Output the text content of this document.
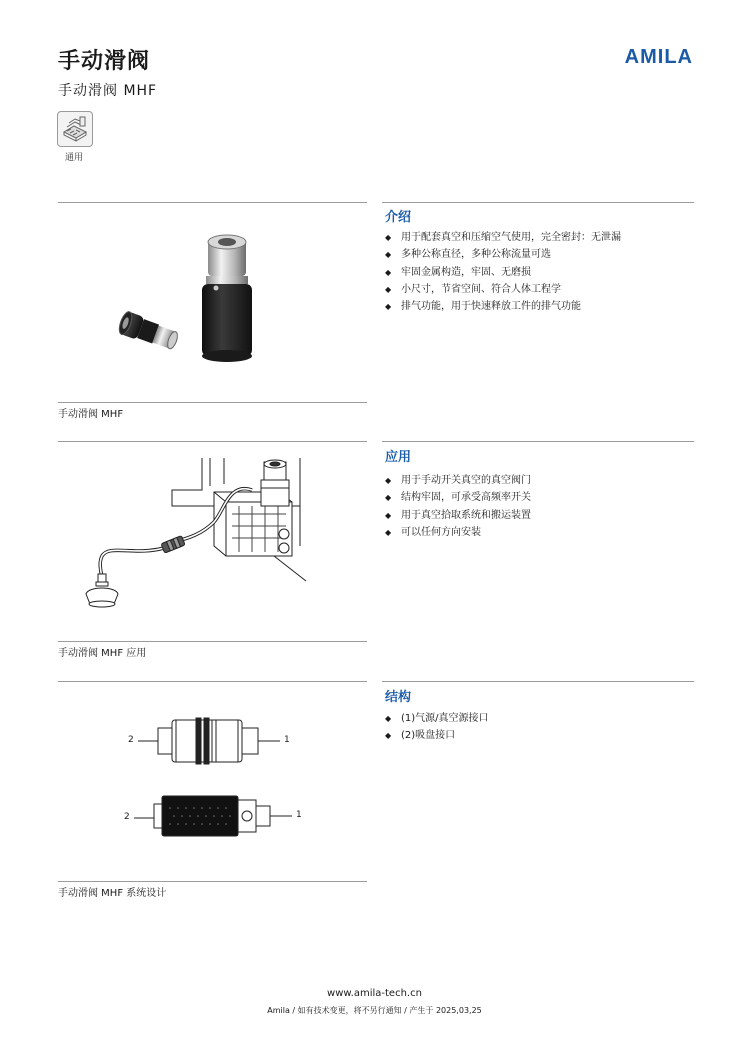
手动滑阀
手动滑阀 MHF
AMILA
通用
介绍
◆ 用于配套真空和压缩空气使用，完全密封：无泄漏
◆ 多种公称直径，多种公称流量可选
◆ 牢固金属构造，牢固、无磨损
◆ 小尺寸，节省空间、符合人体工程学
◆ 排气功能，用于快速释放工件的排气功能
手动滑阀 MHF
应用
◆ 用于手动开关真空的真空阀门
◆ 结构牢固，可承受高频率开关
◆ 用于真空拾取系统和搬运装置
◆ 可以任何方向安装
手动滑阀 MHF 应用
结构
◆ (1)气源/真空源接口
◆ (2)吸盘接口
2	1
2	1
手动滑阀 MHF 系统设计
www.amila-tech.cn
Amila / 如有技术变更，将不另行通知 / 产生于 2025,03,25
